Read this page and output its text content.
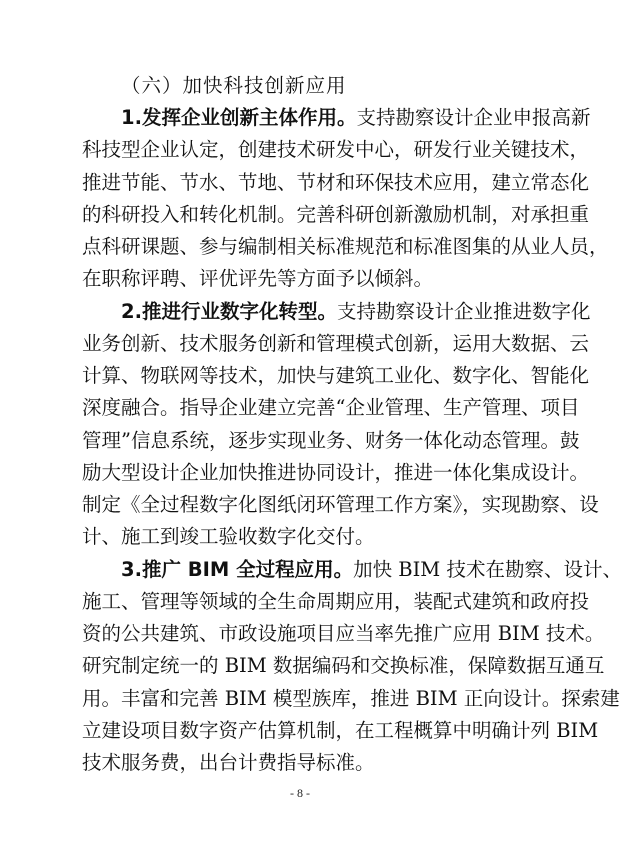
（六）加快科技创新应用
1.发挥企业创新主体作用。支持勘察设计企业申报高新
科技型企业认定，创建技术研发中心，研发行业关键技术，
推进节能、节水、节地、节材和环保技术应用，建立常态化
的科研投入和转化机制。完善科研创新激励机制，对承担重
点科研课题、参与编制相关标准规范和标准图集的从业人员，
在职称评聘、评优评先等方面予以倾斜。
2.推进行业数字化转型。支持勘察设计企业推进数字化
业务创新、技术服务创新和管理模式创新，运用大数据、云
计算、物联网等技术，加快与建筑工业化、数字化、智能化
深度融合。指导企业建立完善“企业管理、生产管理、项目
管理”信息系统，逐步实现业务、财务一体化动态管理。鼓
励大型设计企业加快推进协同设计，推进一体化集成设计。
制定《全过程数字化图纸闭环管理工作方案》，实现勘察、设
计、施工到竣工验收数字化交付。
3.推广 BIM 全过程应用。加快 BIM 技术在勘察、设计、
施工、管理等领域的全生命周期应用，装配式建筑和政府投
资的公共建筑、市政设施项目应当率先推广应用 BIM 技术。
研究制定统一的 BIM 数据编码和交换标准，保障数据互通互
用。丰富和完善 BIM 模型族库，推进 BIM 正向设计。探索建
立建设项目数字资产估算机制，在工程概算中明确计列 BIM
技术服务费，出台计费指导标准。
- 8 -
